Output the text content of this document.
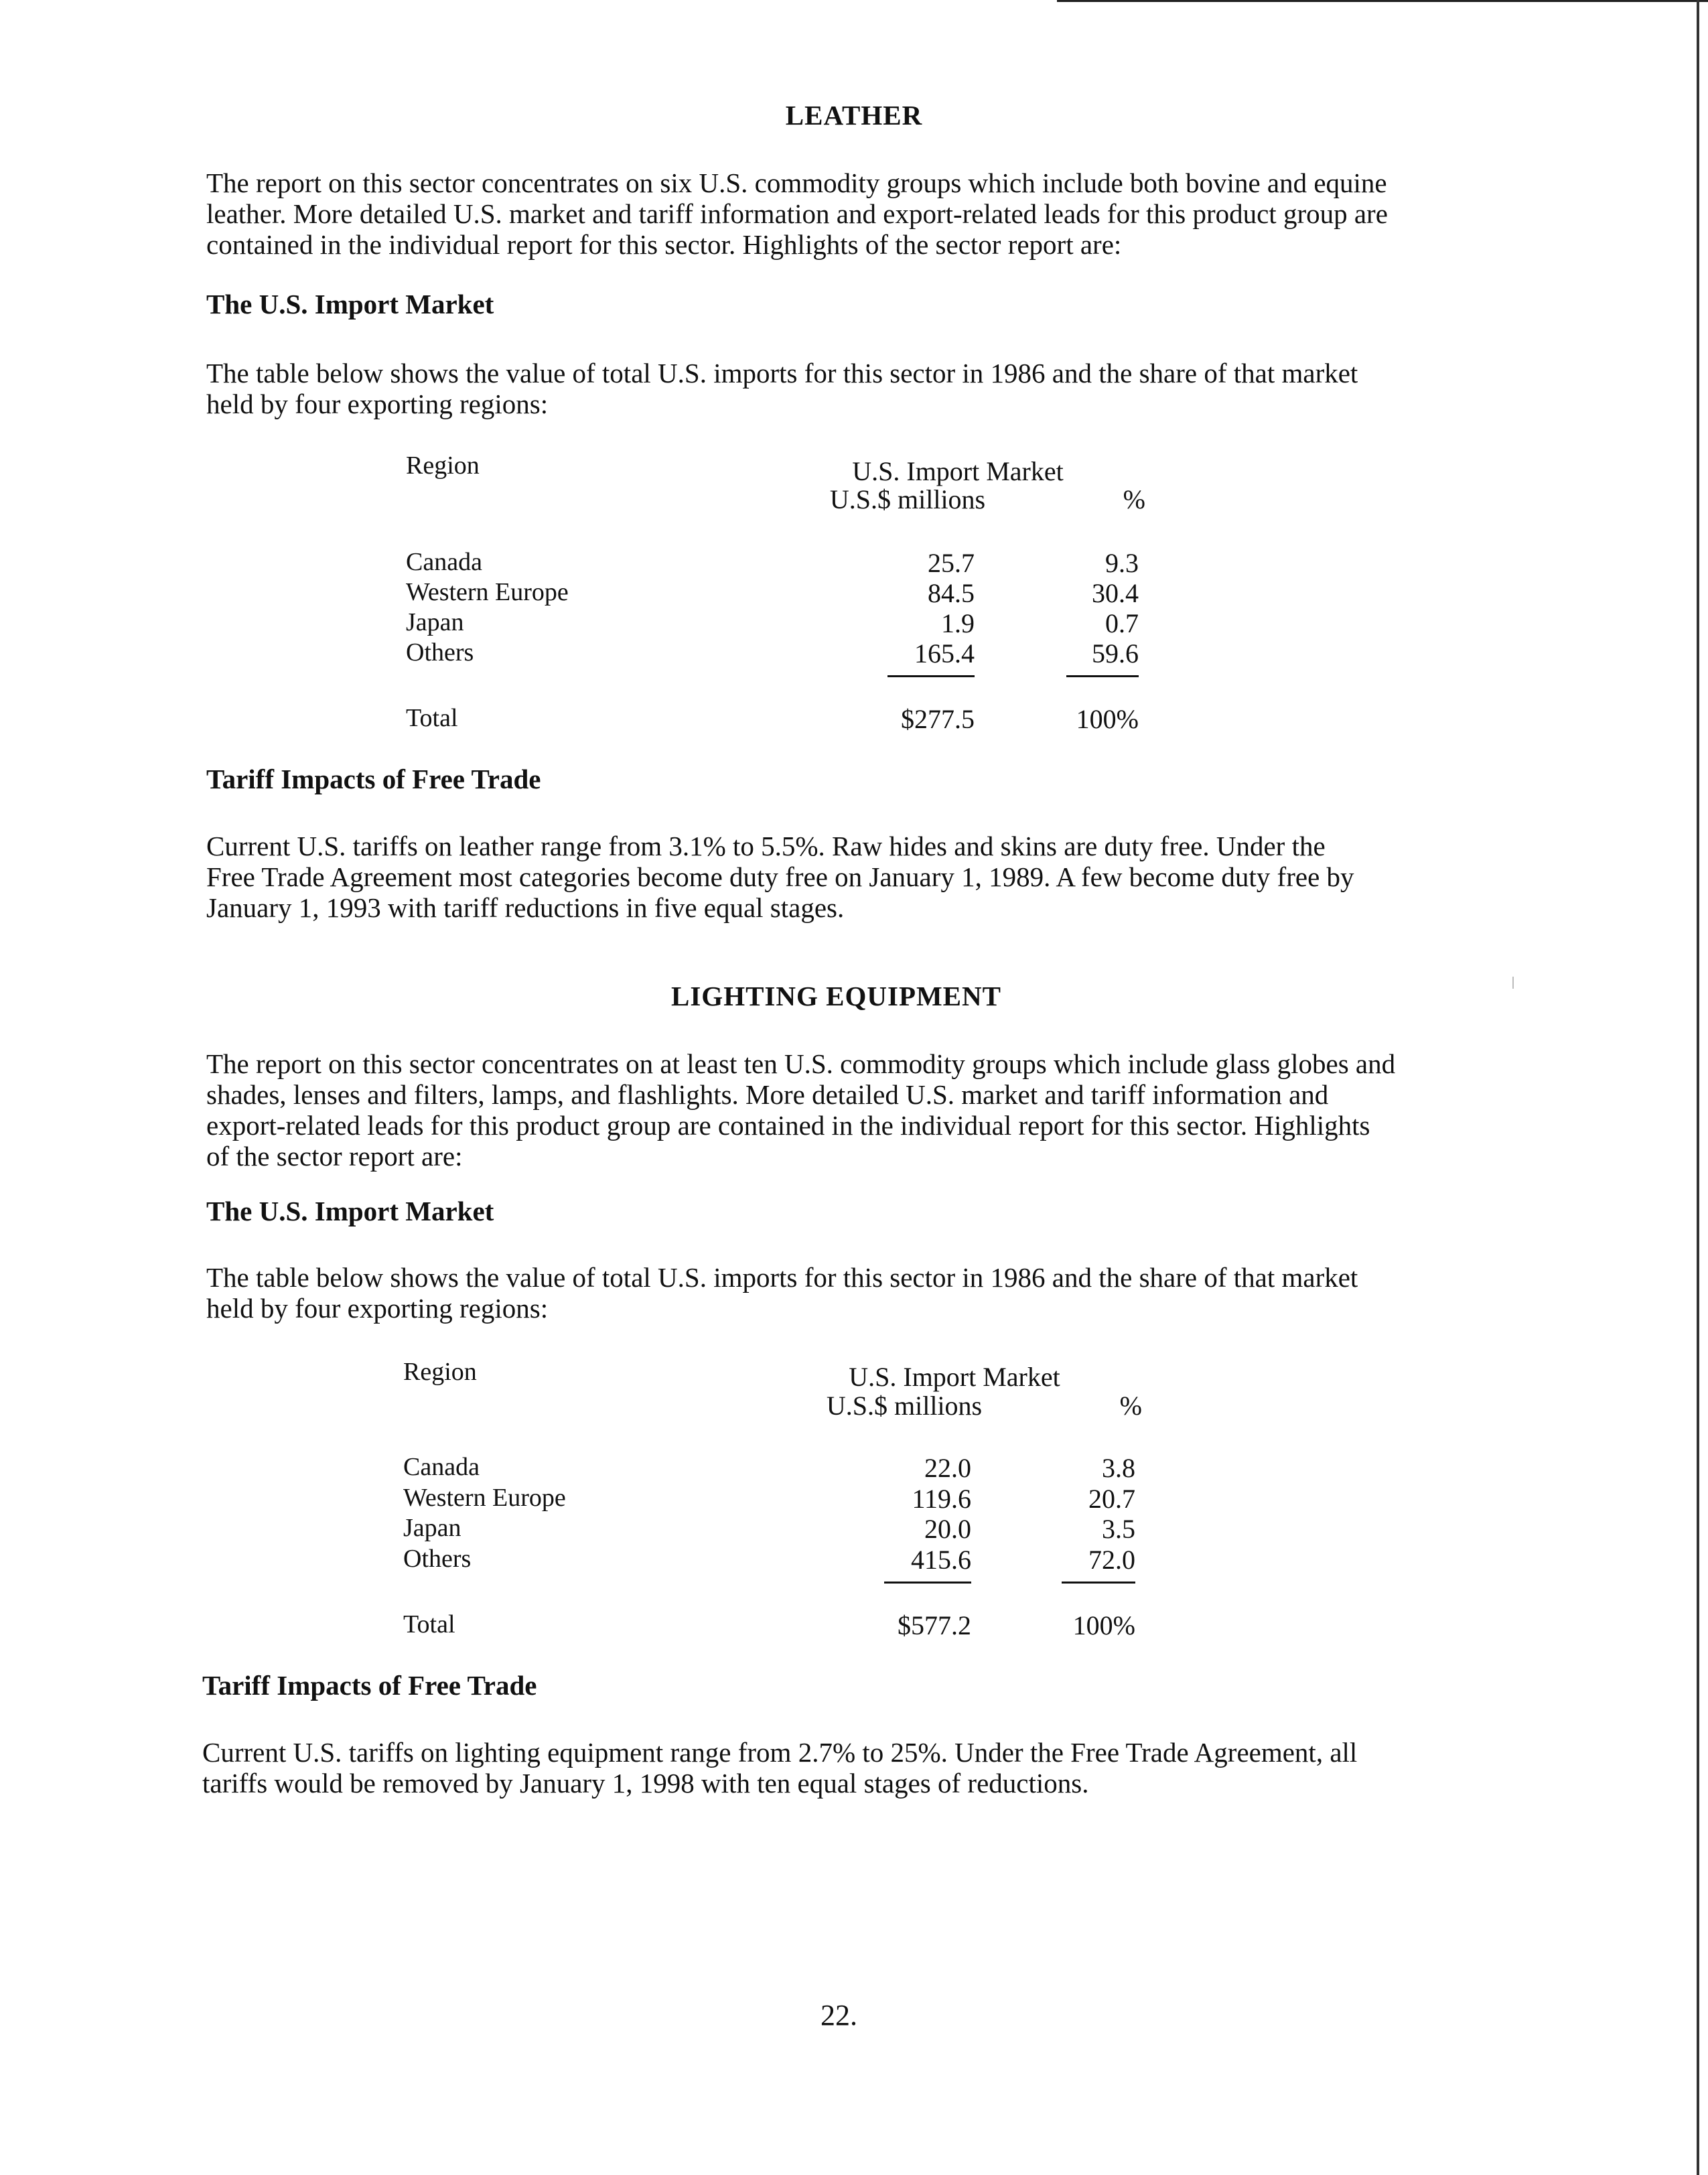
LEATHER

The report on this sector concentrates on six U.S. commodity groups which include both bovine and equine

leather. More detailed U.S. market and tariff information and export-related leads for this product group are

contained in the individual report for this sector. Highlights of the sector report are:

The U.S. Import Market

The table below shows the value of total U.S. imports for this sector in 1986 and the share of that market

held by four exporting regions:

Region	U.S. Import Market
U.S.$ millions	%
Canada	25.7	9.3
Western Europe	84.5	30.4
Japan	1.9	0.7
Others	165.4	59.6
Total	$277.5	100%
Tariff Impacts of Free Trade

Current U.S. tariffs on leather range from 3.1% to 5.5%. Raw hides and skins are duty free. Under the

Free Trade Agreement most categories become duty free on January 1, 1989. A few become duty free by

January 1, 1993 with tariff reductions in five equal stages.

LIGHTING EQUIPMENT

The report on this sector concentrates on at least ten U.S. commodity groups which include glass globes and

shades, lenses and filters, lamps, and flashlights. More detailed U.S. market and tariff information and

export-related leads for this product group are contained in the individual report for this sector. Highlights

of the sector report are:

The U.S. Import Market

The table below shows the value of total U.S. imports for this sector in 1986 and the share of that market

held by four exporting regions:

Region	U.S. Import Market
U.S.$ millions	%
Canada	22.0	3.8
Western Europe	119.6	20.7
Japan	20.0	3.5
Others	415.6	72.0
Total	$577.2	100%
Tariff Impacts of Free Trade

Current U.S. tariffs on lighting equipment range from 2.7% to 25%. Under the Free Trade Agreement, all

tariffs would be removed by January 1, 1998 with ten equal stages of reductions.

22.
